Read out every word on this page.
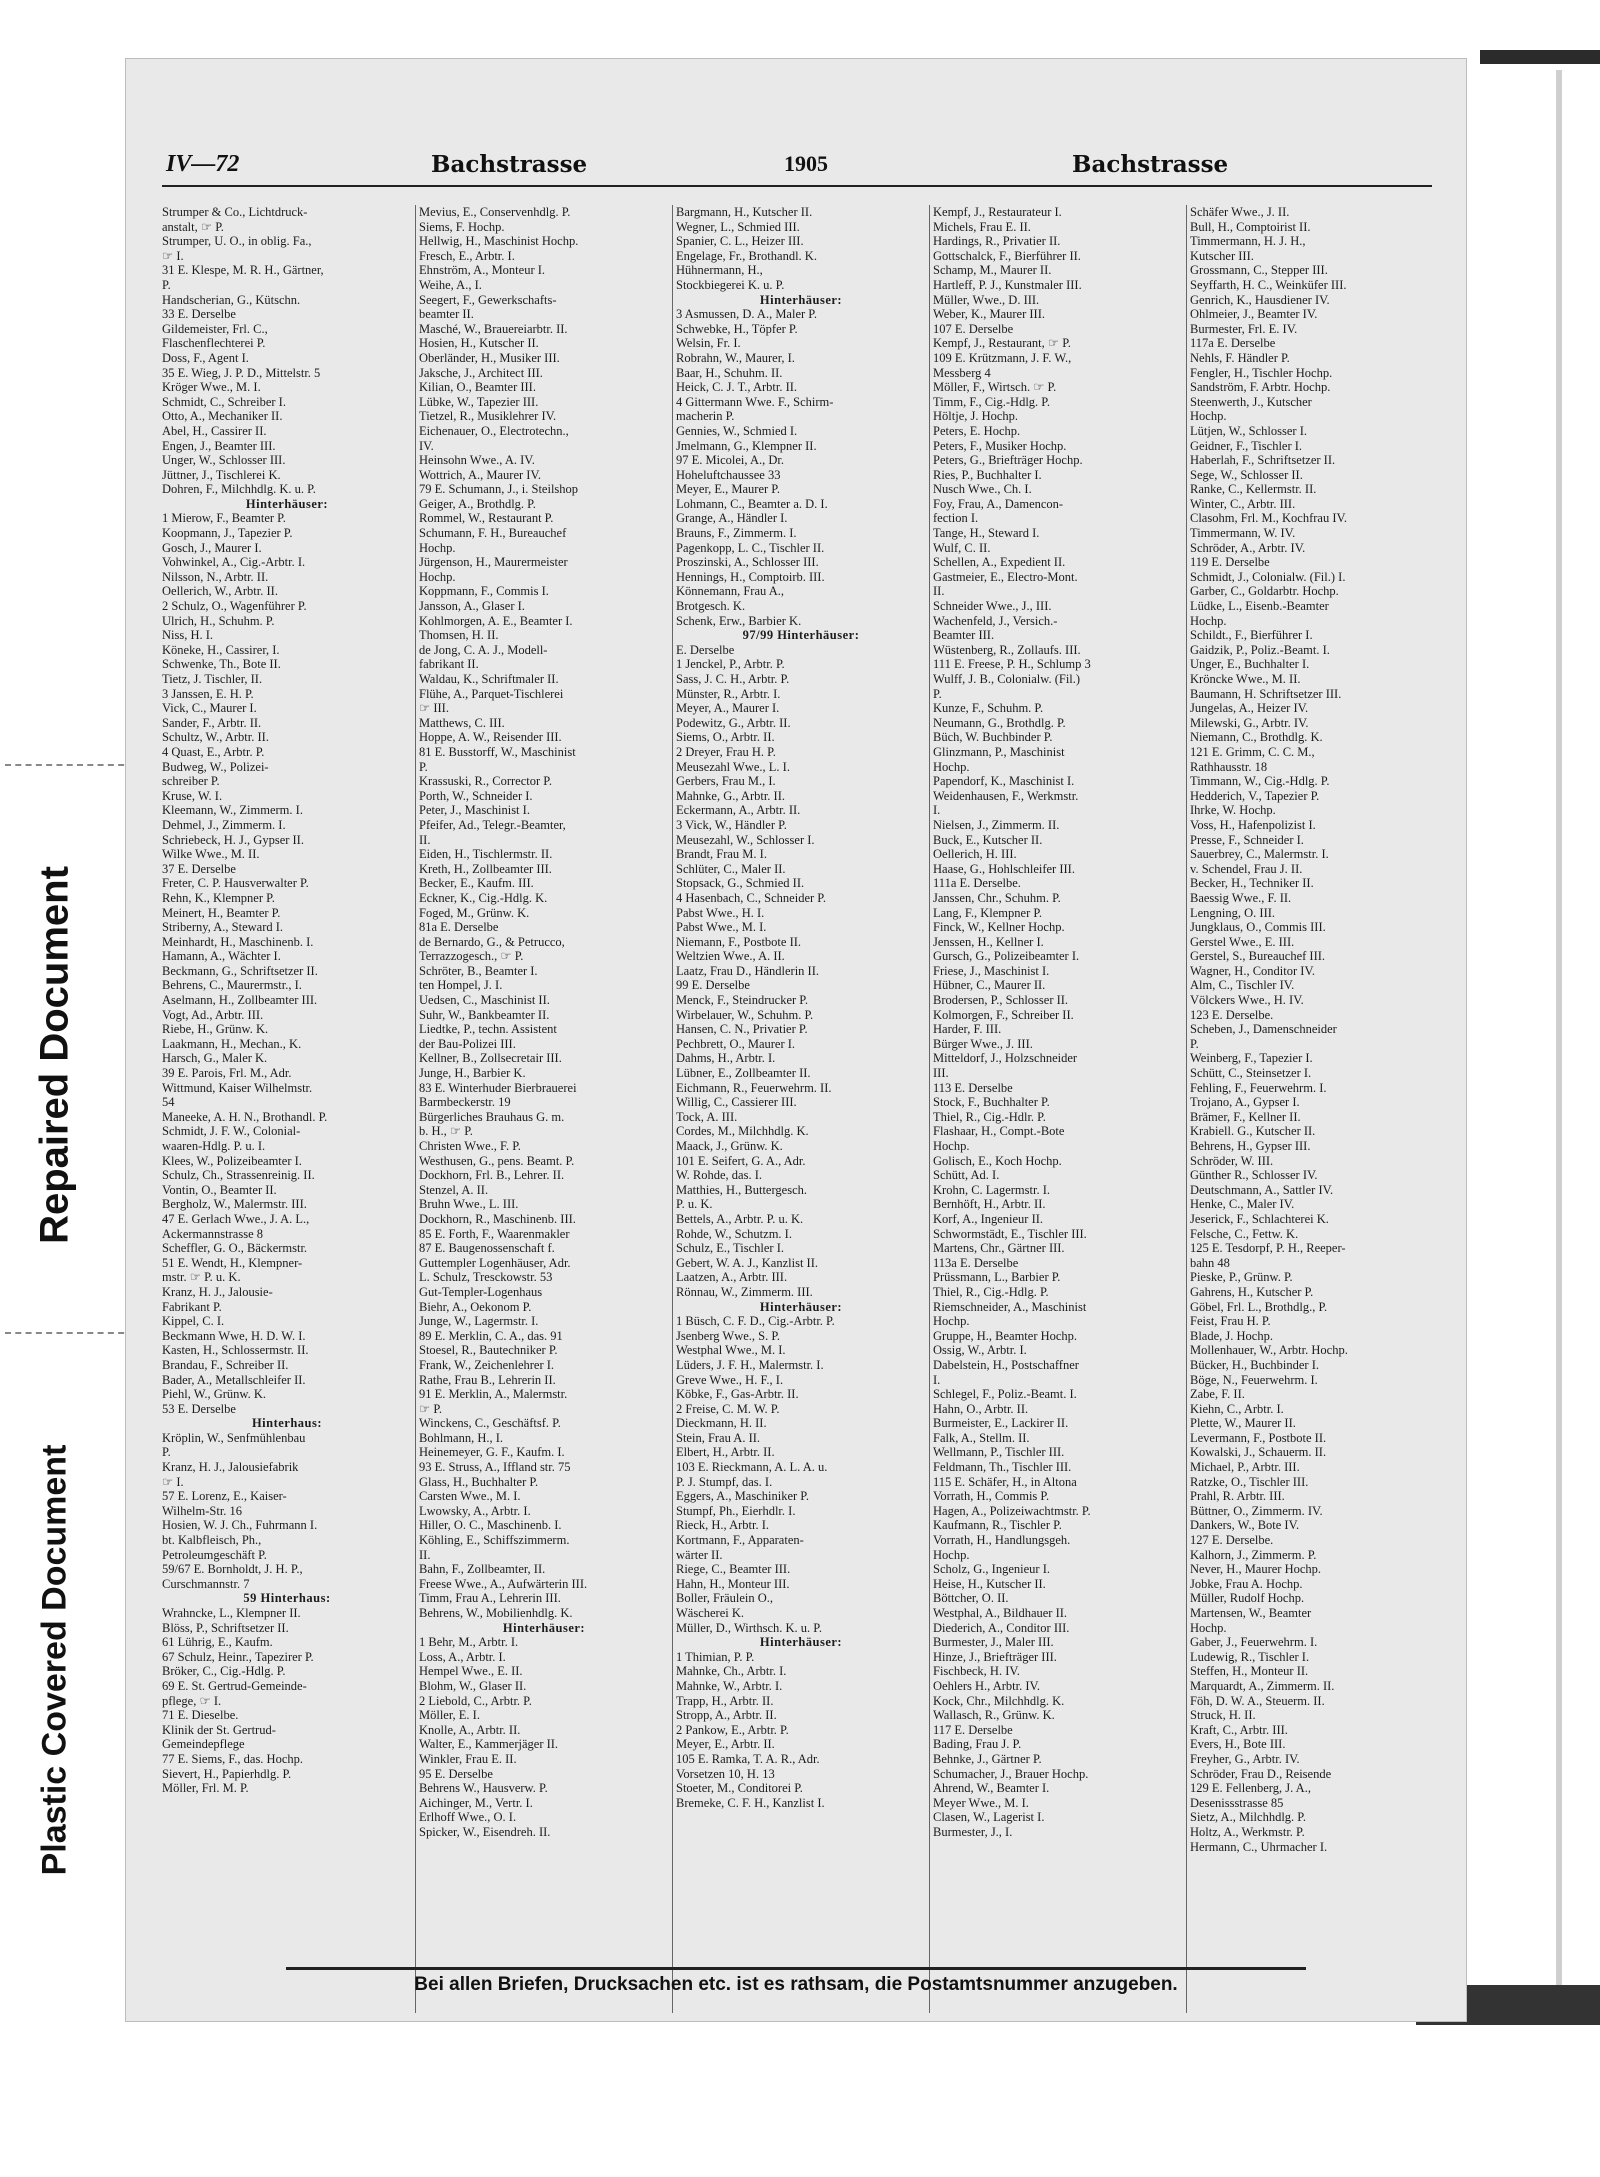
Repaired Document
Plastic Covered Document
IV—72	Bachstrasse	1905	Bachstrasse
Strumper & Co., Lichtdruck-
anstalt, ☞ P.
Strumper, U. O., in oblig. Fa.,
☞ I.
31 E. Klespe, M. R. H., Gärtner,
P.
Handscherian, G., Kütschn.
33 E. Derselbe
Gildemeister, Frl. C.,
Flaschenflechterei P.
Doss, F., Agent I.
35 E. Wieg, J. P. D., Mittelstr. 5
Kröger Wwe., M. I.
Schmidt, C., Schreiber I.
Otto, A., Mechaniker II.
Abel, H., Cassirer II.
Engen, J., Beamter III.
Unger, W., Schlosser III.
Jüttner, J., Tischlerei K.
Dohren, F., Milchhdlg. K. u. P.
Hinterhäuser:
1 Mierow, F., Beamter P.
Koopmann, J., Tapezier P.
Gosch, J., Maurer I.
Vohwinkel, A., Cig.-Arbtr. I.
Nilsson, N., Arbtr. II.
Oellerich, W., Arbtr. II.
2 Schulz, O., Wagenführer P.
Ulrich, H., Schuhm. P.
Niss, H. I.
Köneke, H., Cassirer, I.
Schwenke, Th., Bote II.
Tietz, J. Tischler, II.
3 Janssen, E. H. P.
Vick, C., Maurer I.
Sander, F., Arbtr. II.
Schultz, W., Arbtr. II.
4 Quast, E., Arbtr. P.
Budweg, W., Polizei-
schreiber P.
Kruse, W. I.
Kleemann, W., Zimmerm. I.
Dehmel, J., Zimmerm. I.
Schriebeck, H. J., Gypser II.
Wilke Wwe., M. II.
37 E. Derselbe
Freter, C. P. Hausverwalter P.
Rehn, K., Klempner P.
Meinert, H., Beamter P.
Striberny, A., Steward I.
Meinhardt, H., Maschinenb. I.
Hamann, A., Wächter I.
Beckmann, G., Schriftsetzer II.
Behrens, C., Maurermstr., I.
Aselmann, H., Zollbeamter III.
Vogt, Ad., Arbtr. III.
Riebe, H., Grünw. K.
Laakmann, H., Mechan., K.
Harsch, G., Maler K.
39 E. Parois, Frl. M., Adr.
Wittmund, Kaiser Wilhelmstr.
54
Maneeke, A. H. N., Brothandl. P.
Schmidt, J. F. W., Colonial-
waaren-Hdlg. P. u. I.
Klees, W., Polizeibeamter I.
Schulz, Ch., Strassenreinig. II.
Vontin, O., Beamter II.
Bergholz, W., Malermstr. III.
47 E. Gerlach Wwe., J. A. L.,
Ackermannstrasse 8
Scheffler, G. O., Bäckermstr.
51 E. Wendt, H., Klempner-
mstr. ☞ P. u. K.
Kranz, H. J., Jalousie-
Fabrikant P.
Kippel, C. I.
Beckmann Wwe, H. D. W. I.
Kasten, H., Schlossermstr. II.
Brandau, F., Schreiber II.
Bader, A., Metallschleifer II.
Piehl, W., Grünw. K.
53 E. Derselbe
Hinterhaus:
Kröplin, W., Senfmühlenbau
P.
Kranz, H. J., Jalousiefabrik
☞ I.
57 E. Lorenz, E., Kaiser-
Wilhelm-Str. 16
Hosien, W. J. Ch., Fuhrmann I.
bt. Kalbfleisch, Ph.,
Petroleumgeschäft P.
59/67 E. Bornholdt, J. H. P.,
Curschmannstr. 7
59 Hinterhaus:
Wrahncke, L., Klempner II.
Blöss, P., Schriftsetzer II.
61 Lührig, E., Kaufm.
67 Schulz, Heinr., Tapezirer P.
Bröker, C., Cig.-Hdlg. P.
69 E. St. Gertrud-Gemeinde-
pflege, ☞ I.
71 E. Dieselbe.
Klinik der St. Gertrud-
Gemeindepflege
77 E. Siems, F., das. Hochp.
Sievert, H., Papierhdlg. P.
Möller, Frl. M. P.
Mevius, E., Conservenhdlg. P.
Siems, F. Hochp.
Hellwig, H., Maschinist Hochp.
Fresch, E., Arbtr. I.
Ehnström, A., Monteur I.
Weihe, A., I.
Seegert, F., Gewerkschafts-
beamter II.
Masché, W., Brauereiarbtr. II.
Hosien, H., Kutscher II.
Oberländer, H., Musiker III.
Jaksche, J., Architect III.
Kilian, O., Beamter III.
Lübke, W., Tapezier III.
Tietzel, R., Musiklehrer IV.
Eichenauer, O., Electrotechn.,
IV.
Heinsohn Wwe., A. IV.
Wottrich, A., Maurer IV.
79 E. Schumann, J., i. Steilshop
Geiger, A., Brothdlg. P.
Rommel, W., Restaurant P.
Schumann, F. H., Bureauchef
Hochp.
Jürgenson, H., Maurermeister
Hochp.
Koppmann, F., Commis I.
Jansson, A., Glaser I.
Kohlmorgen, A. E., Beamter I.
Thomsen, H. II.
de Jong, C. A. J., Modell-
fabrikant II.
Waldau, K., Schriftmaler II.
Flühe, A., Parquet-Tischlerei
☞ III.
Matthews, C. III.
Hoppe, A. W., Reisender III.
81 E. Busstorff, W., Maschinist
P.
Krassuski, R., Corrector P.
Porth, W., Schneider I.
Peter, J., Maschinist I.
Pfeifer, Ad., Telegr.-Beamter,
II.
Eiden, H., Tischlermstr. II.
Kreth, H., Zollbeamter III.
Becker, E., Kaufm. III.
Eckner, K., Cig.-Hdlg. K.
Foged, M., Grünw. K.
81a E. Derselbe
de Bernardo, G., & Petrucco,
Terrazzogesch., ☞ P.
Schröter, B., Beamter I.
ten Hompel, J. I.
Uedsen, C., Maschinist II.
Suhr, W., Bankbeamter II.
Liedtke, P., techn. Assistent
der Bau-Polizei III.
Kellner, B., Zollsecretair III.
Junge, H., Barbier K.
83 E. Winterhuder Bierbrauerei
Barmbeckerstr. 19
Bürgerliches Brauhaus G. m.
b. H., ☞ P.
Christen Wwe., F. P.
Westhusen, G., pens. Beamt. P.
Dockhorn, Frl. B., Lehrer. II.
Stenzel, A. II.
Bruhn Wwe., L. III.
Dockhorn, R., Maschinenb. III.
85 E. Forth, F., Waarenmakler
87 E. Baugenossenschaft f.
Guttempler Logenhäuser, Adr.
L. Schulz, Tresckowstr. 53
Gut-Templer-Logenhaus
Biehr, A., Oekonom P.
Junge, W., Lagermstr. I.
89 E. Merklin, C. A., das. 91
Stoesel, R., Bautechniker P.
Frank, W., Zeichenlehrer I.
Rathe, Frau B., Lehrerin II.
91 E. Merklin, A., Malermstr.
☞ P.
Winckens, C., Geschäftsf. P.
Bohlmann, H., I.
Heinemeyer, G. F., Kaufm. I.
93 E. Struss, A., Iffland str. 75
Glass, H., Buchhalter P.
Carsten Wwe., M. I.
Lwowsky, A., Arbtr. I.
Hiller, O. C., Maschinenb. I.
Köhling, E., Schiffszimmerm.
II.
Bahn, F., Zollbeamter, II.
Freese Wwe., A., Aufwärterin III.
Timm, Frau A., Lehrerin III.
Behrens, W., Mobilienhdlg. K.
Hinterhäuser:
1 Behr, M., Arbtr. I.
Loss, A., Arbtr. I.
Hempel Wwe., E. II.
Blohm, W., Glaser II.
2 Liebold, C., Arbtr. P.
Möller, E. I.
Knolle, A., Arbtr. II.
Walter, E., Kammerjäger II.
Winkler, Frau E. II.
95 E. Derselbe
Behrens W., Hausverw. P.
Aichinger, M., Vertr. I.
Erlhoff Wwe., O. I.
Spicker, W., Eisendreh. II.
Bargmann, H., Kutscher II.
Wegner, L., Schmied III.
Spanier, C. L., Heizer III.
Engelage, Fr., Brothandl. K.
Hühnermann, H.,
Stockbiegerei K. u. P.
Hinterhäuser:
3 Asmussen, D. A., Maler P.
Schwebke, H., Töpfer P.
Welsin, Fr. I.
Robrahn, W., Maurer, I.
Baar, H., Schuhm. II.
Heick, C. J. T., Arbtr. II.
4 Gittermann Wwe. F., Schirm-
macherin P.
Gennies, W., Schmied I.
Jmelmann, G., Klempner II.
97 E. Micolei, A., Dr.
Hoheluftchaussee 33
Meyer, E., Maurer P.
Lohmann, C., Beamter a. D. I.
Grange, A., Händler I.
Brauns, F., Zimmerm. I.
Pagenkopp, L. C., Tischler II.
Proszinski, A., Schlosser III.
Hennings, H., Comptoirb. III.
Könnemann, Frau A.,
Brotgesch. K.
Schenk, Erw., Barbier K.
97/99 Hinterhäuser:
E. Derselbe
1 Jenckel, P., Arbtr. P.
Sass, J. C. H., Arbtr. P.
Münster, R., Arbtr. I.
Meyer, A., Maurer I.
Podewitz, G., Arbtr. II.
Siems, O., Arbtr. II.
2 Dreyer, Frau H. P.
Meusezahl Wwe., L. I.
Gerbers, Frau M., I.
Mahnke, G., Arbtr. II.
Eckermann, A., Arbtr. II.
3 Vick, W., Händler P.
Meusezahl, W., Schlosser I.
Brandt, Frau M. I.
Schlüter, C., Maler II.
Stopsack, G., Schmied II.
4 Hasenbach, C., Schneider P.
Pabst Wwe., H. I.
Pabst Wwe., M. I.
Niemann, F., Postbote II.
Weltzien Wwe., A. II.
Laatz, Frau D., Händlerin II.
99 E. Derselbe
Menck, F., Steindrucker P.
Wirbelauer, W., Schuhm. P.
Hansen, C. N., Privatier P.
Pechbrett, O., Maurer I.
Dahms, H., Arbtr. I.
Lübner, E., Zollbeamter II.
Eichmann, R., Feuerwehrm. II.
Willig, C., Cassierer III.
Tock, A. III.
Cordes, M., Milchhdlg. K.
Maack, J., Grünw. K.
101 E. Seifert, G. A., Adr.
W. Rohde, das. I.
Matthies, H., Buttergesch.
P. u. K.
Bettels, A., Arbtr. P. u. K.
Rohde, W., Schutzm. I.
Schulz, E., Tischler I.
Gebert, W. A. J., Kanzlist II.
Laatzen, A., Arbtr. III.
Rönnau, W., Zimmerm. III.
Hinterhäuser:
1 Büsch, C. F. D., Cig.-Arbtr. P.
Jsenberg Wwe., S. P.
Westphal Wwe., M. I.
Lüders, J. F. H., Malermstr. I.
Greve Wwe., H. F., I.
Köbke, F., Gas-Arbtr. II.
2 Freise, C. M. W. P.
Dieckmann, H. II.
Stein, Frau A. II.
Elbert, H., Arbtr. II.
103 E. Rieckmann, A. L. A. u.
P. J. Stumpf, das. I.
Eggers, A., Maschiniker P.
Stumpf, Ph., Eierhdlr. I.
Rieck, H., Arbtr. I.
Kortmann, F., Apparaten-
wärter II.
Riege, C., Beamter III.
Hahn, H., Monteur III.
Boller, Fräulein O.,
Wäscherei K.
Müller, D., Wirthsch. K. u. P.
Hinterhäuser:
1 Thimian, P. P.
Mahnke, Ch., Arbtr. I.
Mahnke, W., Arbtr. I.
Trapp, H., Arbtr. II.
Stropp, A., Arbtr. II.
2 Pankow, E., Arbtr. P.
Meyer, E., Arbtr. II.
105 E. Ramka, T. A. R., Adr.
Vorsetzen 10, H. 13
Stoeter, M., Conditorei P.
Bremeke, C. F. H., Kanzlist I.
Kempf, J., Restaurateur I.
Michels, Frau E. II.
Hardings, R., Privatier II.
Gottschalck, F., Bierführer II.
Schamp, M., Maurer II.
Hartleff, P. J., Kunstmaler III.
Müller, Wwe., D. III.
Weber, K., Maurer III.
107 E. Derselbe
Kempf, J., Restaurant, ☞ P.
109 E. Krützmann, J. F. W.,
Messberg 4
Möller, F., Wirtsch. ☞ P.
Timm, F., Cig.-Hdlg. P.
Höltje, J. Hochp.
Peters, E. Hochp.
Peters, F., Musiker Hochp.
Peters, G., Briefträger Hochp.
Ries, P., Buchhalter I.
Nusch Wwe., Ch. I.
Foy, Frau, A., Damencon-
fection I.
Tange, H., Steward I.
Wulf, C. II.
Schellen, A., Expedient II.
Gastmeier, E., Electro-Mont.
II.
Schneider Wwe., J., III.
Wachenfeld, J., Versich.-
Beamter III.
Wüstenberg, R., Zollaufs. III.
111 E. Freese, P. H., Schlump 3
Wulff, J. B., Colonialw. (Fil.)
P.
Kunze, F., Schuhm. P.
Neumann, G., Brothdlg. P.
Büch, W. Buchbinder P.
Glinzmann, P., Maschinist
Hochp.
Papendorf, K., Maschinist I.
Weidenhausen, F., Werkmstr.
I.
Nielsen, J., Zimmerm. II.
Buck, E., Kutscher II.
Oellerich, H. III.
Haase, G., Hohlschleifer III.
111a E. Derselbe.
Janssen, Chr., Schuhm. P.
Lang, F., Klempner P.
Finck, W., Kellner Hochp.
Jenssen, H., Kellner I.
Gursch, G., Polizeibeamter I.
Friese, J., Maschinist I.
Hübner, C., Maurer II.
Brodersen, P., Schlosser II.
Kolmorgen, F., Schreiber II.
Harder, F. III.
Bürger Wwe., J. III.
Mitteldorf, J., Holzschneider
III.
113 E. Derselbe
Stock, F., Buchhalter P.
Thiel, R., Cig.-Hdlr. P.
Flashaar, H., Compt.-Bote
Hochp.
Golisch, E., Koch Hochp.
Schütt, Ad. I.
Krohn, C. Lagermstr. I.
Bernhöft, H., Arbtr. II.
Korf, A., Ingenieur II.
Schwormstädt, E., Tischler III.
Martens, Chr., Gärtner III.
113a E. Derselbe
Prüssmann, L., Barbier P.
Thiel, R., Cig.-Hdlg. P.
Riemschneider, A., Maschinist
Hochp.
Gruppe, H., Beamter Hochp.
Ossig, W., Arbtr. I.
Dabelstein, H., Postschaffner
I.
Schlegel, F., Poliz.-Beamt. I.
Hahn, O., Arbtr. II.
Burmeister, E., Lackirer II.
Falk, A., Stellm. II.
Wellmann, P., Tischler III.
Feldmann, Th., Tischler III.
115 E. Schäfer, H., in Altona
Vorrath, H., Commis P.
Hagen, A., Polizeiwachtmstr. P.
Kaufmann, R., Tischler P.
Vorrath, H., Handlungsgeh.
Hochp.
Scholz, G., Ingenieur I.
Heise, H., Kutscher II.
Böttcher, O. II.
Westphal, A., Bildhauer II.
Diederich, A., Conditor III.
Burmester, J., Maler III.
Hinze, J., Briefträger III.
Fischbeck, H. IV.
Oehlers H., Arbtr. IV.
Kock, Chr., Milchhdlg. K.
Wallasch, R., Grünw. K.
117 E. Derselbe
Bading, Frau J. P.
Behnke, J., Gärtner P.
Schumacher, J., Brauer Hochp.
Ahrend, W., Beamter I.
Meyer Wwe., M. I.
Clasen, W., Lagerist I.
Burmester, J., I.
Schäfer Wwe., J. II.
Bull, H., Comptoirist II.
Timmermann, H. J. H.,
Kutscher III.
Grossmann, C., Stepper III.
Seyffarth, H. C., Weinküfer III.
Genrich, K., Hausdiener IV.
Ohlmeier, J., Beamter IV.
Burmester, Frl. E. IV.
117a E. Derselbe
Nehls, F. Händler P.
Fengler, H., Tischler Hochp.
Sandström, F. Arbtr. Hochp.
Steenwerth, J., Kutscher
Hochp.
Lütjen, W., Schlosser I.
Geidner, F., Tischler I.
Haberlah, F., Schriftsetzer II.
Sege, W., Schlosser II.
Ranke, C., Kellermstr. II.
Winter, C., Arbtr. III.
Clasohm, Frl. M., Kochfrau IV.
Timmermann, W. IV.
Schröder, A., Arbtr. IV.
119 E. Derselbe
Schmidt, J., Colonialw. (Fil.) I.
Garber, C., Goldarbtr. Hochp.
Lüdke, L., Eisenb.-Beamter
Hochp.
Schildt., F., Bierführer I.
Gaidzik, P., Poliz.-Beamt. I.
Unger, E., Buchhalter I.
Kröncke Wwe., M. II.
Baumann, H. Schriftsetzer III.
Jungelas, A., Heizer IV.
Milewski, G., Arbtr. IV.
Niemann, C., Brothdlg. K.
121 E. Grimm, C. C. M.,
Rathhausstr. 18
Timmann, W., Cig.-Hdlg. P.
Hedderich, V., Tapezier P.
Ihrke, W. Hochp.
Voss, H., Hafenpolizist I.
Presse, F., Schneider I.
Sauerbrey, C., Malermstr. I.
v. Schendel, Frau J. II.
Becker, H., Techniker II.
Baessig Wwe., F. II.
Lengning, O. III.
Jungklaus, O., Commis III.
Gerstel Wwe., E. III.
Gerstel, S., Bureauchef III.
Wagner, H., Conditor IV.
Alm, C., Tischler IV.
Völckers Wwe., H. IV.
123 E. Derselbe.
Scheben, J., Damenschneider
P.
Weinberg, F., Tapezier I.
Schütt, C., Steinsetzer I.
Fehling, F., Feuerwehrm. I.
Trojano, A., Gypser I.
Brämer, F., Kellner II.
Krabiell. G., Kutscher II.
Behrens, H., Gypser III.
Schröder, W. III.
Günther R., Schlosser IV.
Deutschmann, A., Sattler IV.
Henke, C., Maler IV.
Jeserick, F., Schlachterei K.
Felsche, C., Fettw. K.
125 E. Tesdorpf, P. H., Reeper-
bahn 48
Pieske, P., Grünw. P.
Gahrens, H., Kutscher P.
Göbel, Frl. L., Brothdlg., P.
Feist, Frau H. P.
Blade, J. Hochp.
Mollenhauer, W., Arbtr. Hochp.
Bücker, H., Buchbinder I.
Böge, N., Feuerwehrm. I.
Zabe, F. II.
Kiehn, C., Arbtr. I.
Plette, W., Maurer II.
Levermann, F., Postbote II.
Kowalski, J., Schauerm. II.
Michael, P., Arbtr. III.
Ratzke, O., Tischler III.
Prahl, R. Arbtr. III.
Büttner, O., Zimmerm. IV.
Dankers, W., Bote IV.
127 E. Derselbe.
Kalhorn, J., Zimmerm. P.
Never, H., Maurer Hochp.
Jobke, Frau A. Hochp.
Müller, Rudolf Hochp.
Martensen, W., Beamter
Hochp.
Gaber, J., Feuerwehrm. I.
Ludewig, R., Tischler I.
Steffen, H., Monteur II.
Marquardt, A., Zimmerm. II.
Föh, D. W. A., Steuerm. II.
Struck, H. II.
Kraft, C., Arbtr. III.
Evers, H., Bote III.
Freyher, G., Arbtr. IV.
Schröder, Frau D., Reisende
129 E. Fellenberg, J. A.,
Desenissstrasse 85
Sietz, A., Milchhdlg. P.
Holtz, A., Werkmstr. P.
Hermann, C., Uhrmacher I.
Bei allen Briefen, Drucksachen etc. ist es rathsam, die Postamtsnummer anzugeben.
